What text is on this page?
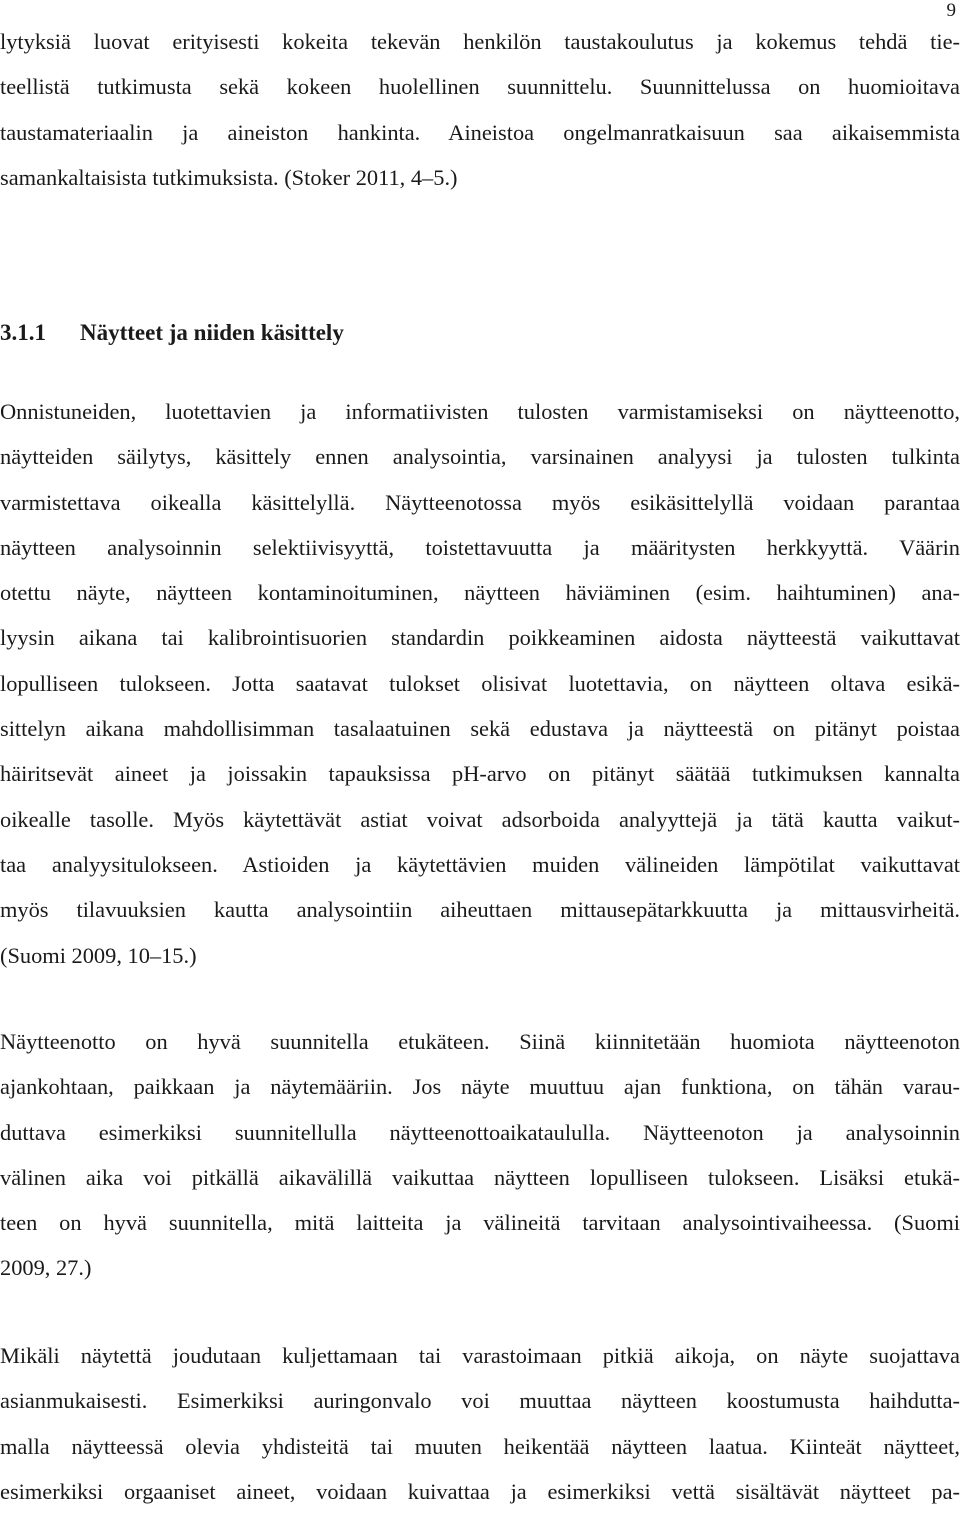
9
lytyksiä luovat erityisesti kokeita tekevän henkilön taustakoulutus ja kokemus tehdä tie-
teellistä tutkimusta sekä kokeen huolellinen suunnittelu. Suunnittelussa on huomioitava
taustamateriaalin ja aineiston hankinta. Aineistoa ongelmanratkaisuun saa aikaisemmista
samankaltaisista tutkimuksista. (Stoker 2011, 4–5.)
3.1.1 Näytteet ja niiden käsittely
Onnistuneiden, luotettavien ja informatiivisten tulosten varmistamiseksi on näytteenotto,
näytteiden säilytys, käsittely ennen analysointia, varsinainen analyysi ja tulosten tulkinta
varmistettava oikealla käsittelyllä. Näytteenotossa myös esikäsittelyllä voidaan parantaa
näytteen analysoinnin selektiivisyyttä, toistettavuutta ja määritysten herkkyyttä. Väärin
otettu näyte, näytteen kontaminoituminen, näytteen häviäminen (esim. haihtuminen) ana-
lyysin aikana tai kalibrointisuorien standardin poikkeaminen aidosta näytteestä vaikuttavat
lopulliseen tulokseen. Jotta saatavat tulokset olisivat luotettavia, on näytteen oltava esikä-
sittelyn aikana mahdollisimman tasalaatuinen sekä edustava ja näytteestä on pitänyt poistaa
häiritsevät aineet ja joissakin tapauksissa pH-arvo on pitänyt säätää tutkimuksen kannalta
oikealle tasolle. Myös käytettävät astiat voivat adsorboida analyyttejä ja tätä kautta vaikut-
taa analyysitulokseen. Astioiden ja käytettävien muiden välineiden lämpötilat vaikuttavat
myös tilavuuksien kautta analysointiin aiheuttaen mittausepätarkkuutta ja mittausvirheitä.
(Suomi 2009, 10–15.)
Näytteenotto on hyvä suunnitella etukäteen. Siinä kiinnitetään huomiota näytteenoton
ajankohtaan, paikkaan ja näytemääriin. Jos näyte muuttuu ajan funktiona, on tähän varau-
duttava esimerkiksi suunnitellulla näytteenottoaikataululla. Näytteenoton ja analysoinnin
välinen aika voi pitkällä aikavälillä vaikuttaa näytteen lopulliseen tulokseen. Lisäksi etukä-
teen on hyvä suunnitella, mitä laitteita ja välineitä tarvitaan analysointivaiheessa. (Suomi
2009, 27.)
Mikäli näytettä joudutaan kuljettamaan tai varastoimaan pitkiä aikoja, on näyte suojattava
asianmukaisesti. Esimerkiksi auringonvalo voi muuttaa näytteen koostumusta haihdutta-
malla näytteessä olevia yhdisteitä tai muuten heikentää näytteen laatua. Kiinteät näytteet,
esimerkiksi orgaaniset aineet, voidaan kuivattaa ja esimerkiksi vettä sisältävät näytteet pa-
